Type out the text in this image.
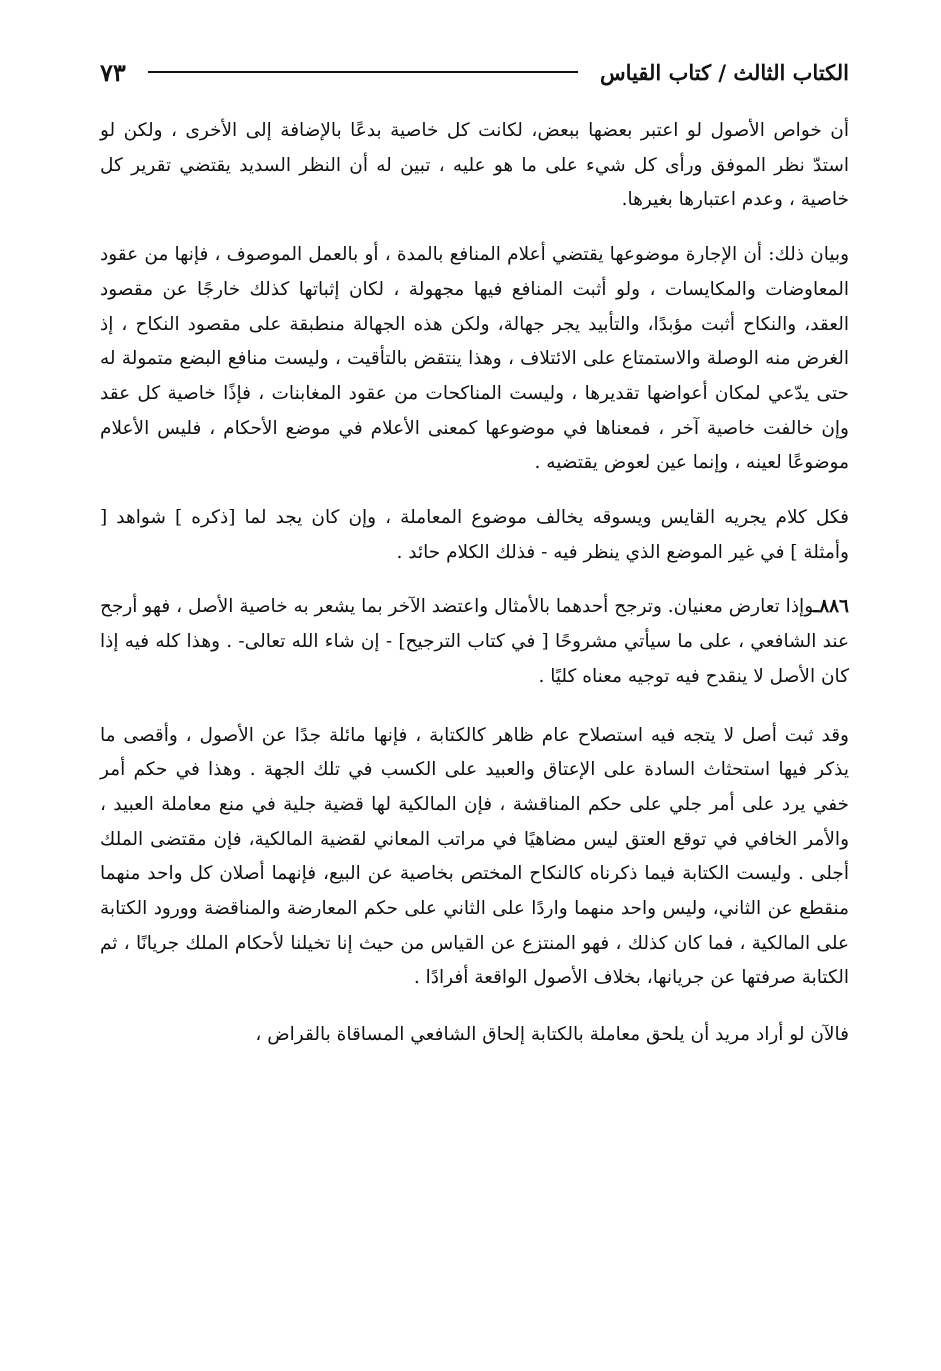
الكتاب الثالث / كتاب القياس
٧٣

أن خواص الأصول لو اعتبر بعضها ببعض، لكانت كل خاصية بدعًا بالإضافة إلى الأخرى ، ولكن لو استدّ نظر الموفق ورأى كل شيء على ما هو عليه ، تبين له أن النظر السديد يقتضي تقرير كل خاصية ، وعدم اعتبارها بغيرها.

وبيان ذلك: أن الإجارة موضوعها يقتضي أعلام المنافع بالمدة ، أو بالعمل الموصوف ، فإنها من عقود المعاوضات والمكايسات ، ولو أثبت المنافع فيها مجهولة ، لكان إثباتها كذلك خارجًا عن مقصود العقد، والنكاح أثبت مؤبدًا، والتأبيد يجر جهالة، ولكن هذه الجهالة منطبقة على مقصود النكاح ، إذ الغرض منه الوصلة والاستمتاع على الائتلاف ، وهذا ينتقض بالتأقيت ، وليست منافع البضع متمولة له حتى يدّعي لمكان أعواضها تقديرها ، وليست المناكحات من عقود المغابنات ، فإذًا خاصية كل عقد وإن خالفت خاصية آخر ، فمعناها في موضوعها كمعنى الأعلام في موضع الأحكام ، فليس الأعلام موضوعًا لعينه ، وإنما عين لعوض يقتضيه .

فكل كلام يجريه القايس ويسوقه يخالف موضوع المعاملة ، وإن كان يجد لما [ذكره ] شواهد [ وأمثلة ] في غير الموضع الذي ينظر فيه - فذلك الكلام حائد .

٨٨٦ـوإذا تعارض معنيان. وترجح أحدهما بالأمثال واعتضد الآخر بما يشعر به خاصية الأصل ، فهو أرجح عند الشافعي ، على ما سيأتي مشروحًا [ في كتاب الترجيح] - إن شاء الله تعالى- . وهذا كله فيه إذا كان الأصل لا ينقدح فيه توجيه معناه كليًا .

وقد ثبت أصل لا يتجه فيه استصلاح عام ظاهر كالكتابة ، فإنها مائلة جدًا عن الأصول ، وأقصى ما يذكر فيها استحثاث السادة على الإعتاق والعبيد على الكسب في تلك الجهة . وهذا في حكم أمر خفي يرد على أمر جلي على حكم المناقشة ، فإن المالكية لها قضية جلية في منع معاملة العبيد ، والأمر الخافي في توقع العتق ليس مضاهيًا في مراتب المعاني لقضية المالكية، فإن مقتضى الملك أجلى . وليست الكتابة فيما ذكرناه كالنكاح المختص بخاصية عن البيع، فإنهما أصلان كل واحد منهما منقطع عن الثاني، وليس واحد منهما واردًا على الثاني على حكم المعارضة والمناقضة وورود الكتابة على المالكية ، فما كان كذلك ، فهو المنتزع عن القياس من حيث إنا تخيلنا لأحكام الملك جريانًا ، ثم الكتابة صرفتها عن جريانها، بخلاف الأصول الواقعة أفرادًا .

فالآن لو أراد مريد أن يلحق معاملة بالكتابة إلحاق الشافعي المساقاة بالقراض ،
